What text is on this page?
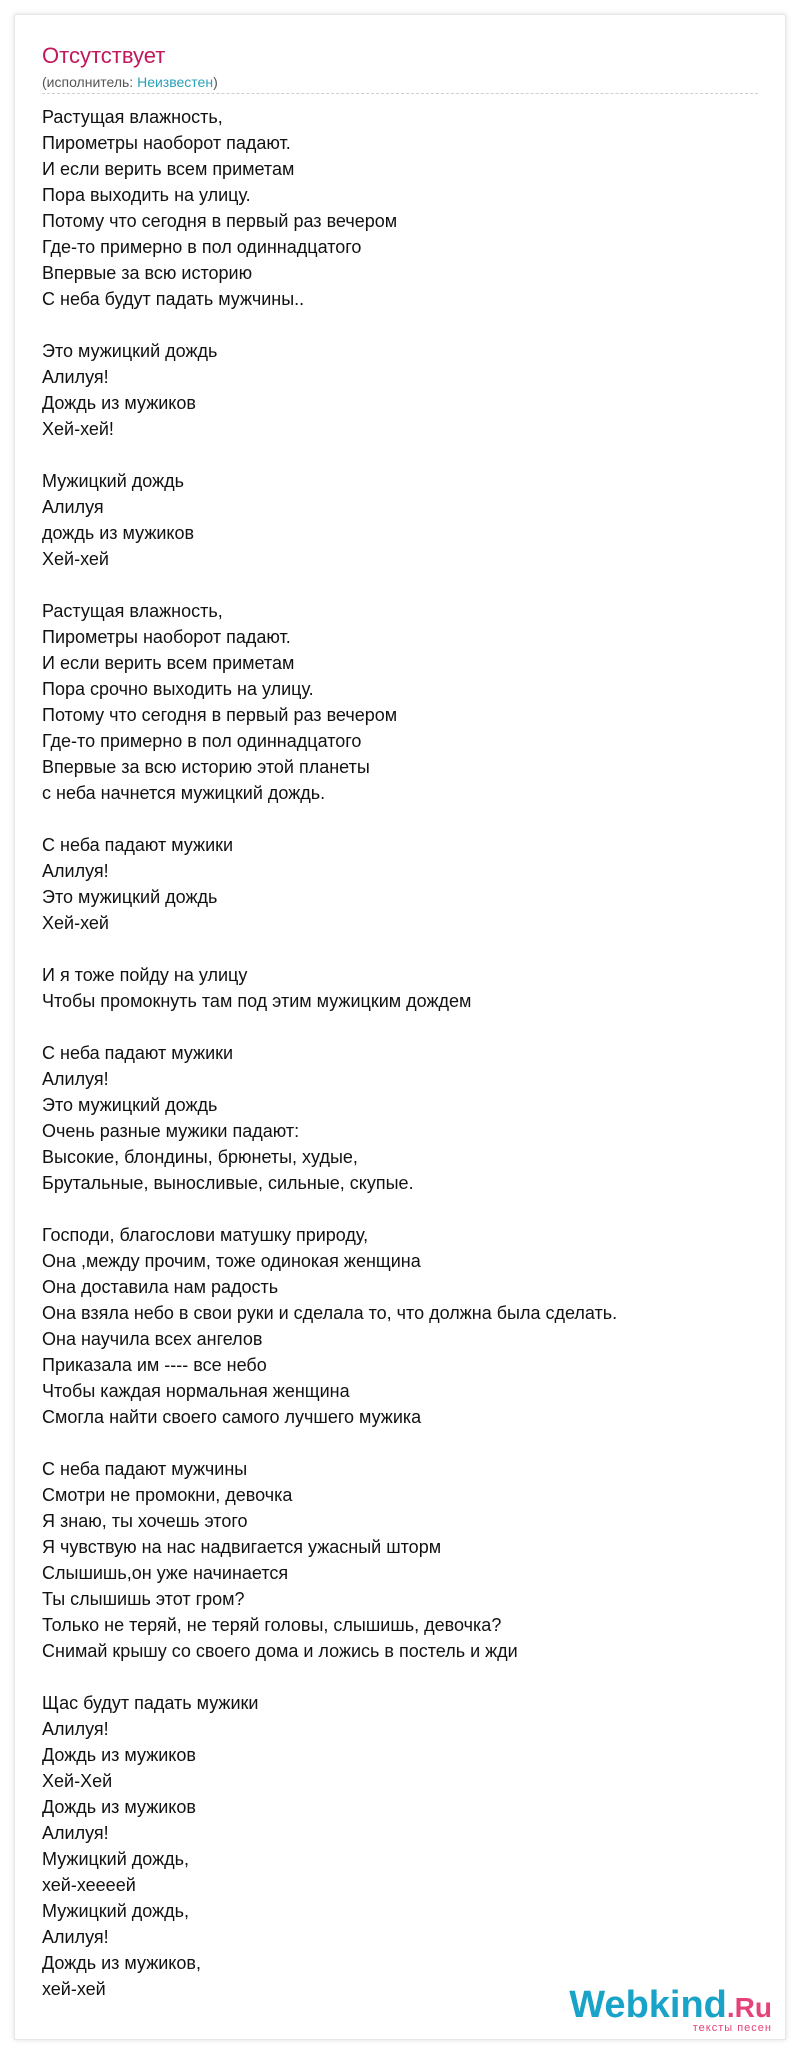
Отсутствует
(исполнитель: Неизвестен)
Растущая влажность,
Пирометры наоборот падают.
И если верить всем приметам
Пора выходить на улицу.
Потому что сегодня в первый раз вечером
Где-то примерно в пол одиннадцатого
Впервые за всю историю
С неба будут падать мужчины..
Это мужицкий дождь
Алилуя!
Дождь из мужиков
Хей-хей!
Мужицкий дождь
Алилуя
дождь из мужиков
Хей-хей
Растущая влажность,
Пирометры наоборот падают.
И если верить всем приметам
Пора срочно выходить на улицу.
Потому что сегодня в первый раз вечером
Где-то примерно в пол одиннадцатого
Впервые за всю историю этой планеты
с неба начнется мужицкий дождь.
С неба падают мужики
Алилуя!
Это мужицкий дождь
Хей-хей
И я тоже пойду на улицу
Чтобы промокнуть там под этим мужицким дождем
С неба падают мужики
Алилуя!
Это мужицкий дождь
Очень разные мужики падают:
Высокие, блондины, брюнеты, худые,
Брутальные, выносливые, сильные, скупые.
Господи, благослови матушку природу,
Она ,между прочим, тоже одинокая женщина
Она доставила нам радость
Она взяла небо в свои руки и сделала то, что должна была сделать.
Она научила всех ангелов
Приказала им ---- все небо
Чтобы каждая нормальная женщина
Смогла найти своего самого лучшего мужика
С неба падают мужчины
Смотри не промокни, девочка
Я знаю, ты хочешь этого
Я чувствую на нас надвигается ужасный шторм
Слышишь,он уже начинается
Ты слышишь этот гром?
Только не теряй, не теряй головы, слышишь, девочка?
Снимай крышу со своего дома и ложись в постель и жди
Щас будут падать мужики
Алилуя!
Дождь из мужиков
Хей-Хей
Дождь из мужиков
Алилуя!
Мужицкий дождь,
хей-хеееей
Мужицкий дождь,
Алилуя!
Дождь из мужиков,
хей-хей	Webkind.Ru
тексты песен
